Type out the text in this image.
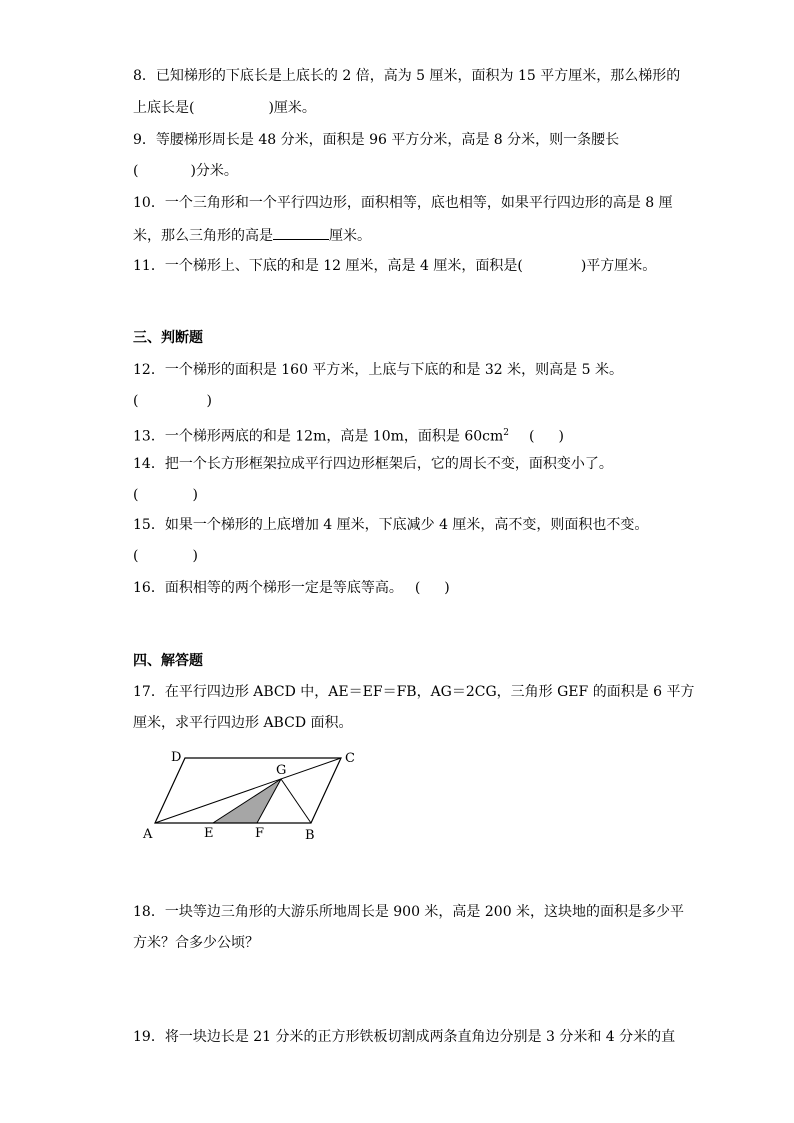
8．已知梯形的下底长是上底长的 2 倍，高为 5 厘米，面积为 15 平方厘米，那么梯形的
上底长是(	)厘米。
9．等腰梯形周长是 48 分米，面积是 96 平方分米，高是 8 分米，则一条腰长
(	)分米。
10．一个三角形和一个平行四边形，面积相等，底也相等，如果平行四边形的高是 8 厘
米，那么三角形的高是	厘米。
11．一个梯形上、下底的和是 12 厘米，高是 4 厘米，面积是(	)平方厘米。
三、判断题
12．一个梯形的面积是 160 平方米，上底与下底的和是 32 米，则高是 5 米。
(	)
13．一个梯形两底的和是 12m，高是 10m，面积是 $60cm^2$ ( )
14．把一个长方形框架拉成平行四边形框架后，它的周长不变，面积变小了。
(	)
15．如果一个梯形的上底增加 4 厘米，下底减少 4 厘米，高不变，则面积也不变。
(	)
16．面积相等的两个梯形一定是等底等高。 ( )
四、解答题
17．在平行四边形 ABCD 中，AE＝EF＝FB，AG＝2CG，三角形 GEF 的面积是 6 平方
厘米，求平行四边形 ABCD 面积。
D	C
G
A	E	F	B
18．一块等边三角形的大游乐所地周长是 900 米，高是 200 米，这块地的面积是多少平
方米？合多少公顷？
19．将一块边长是 21 分米的正方形铁板切割成两条直角边分别是 3 分米和 4 分米的直
